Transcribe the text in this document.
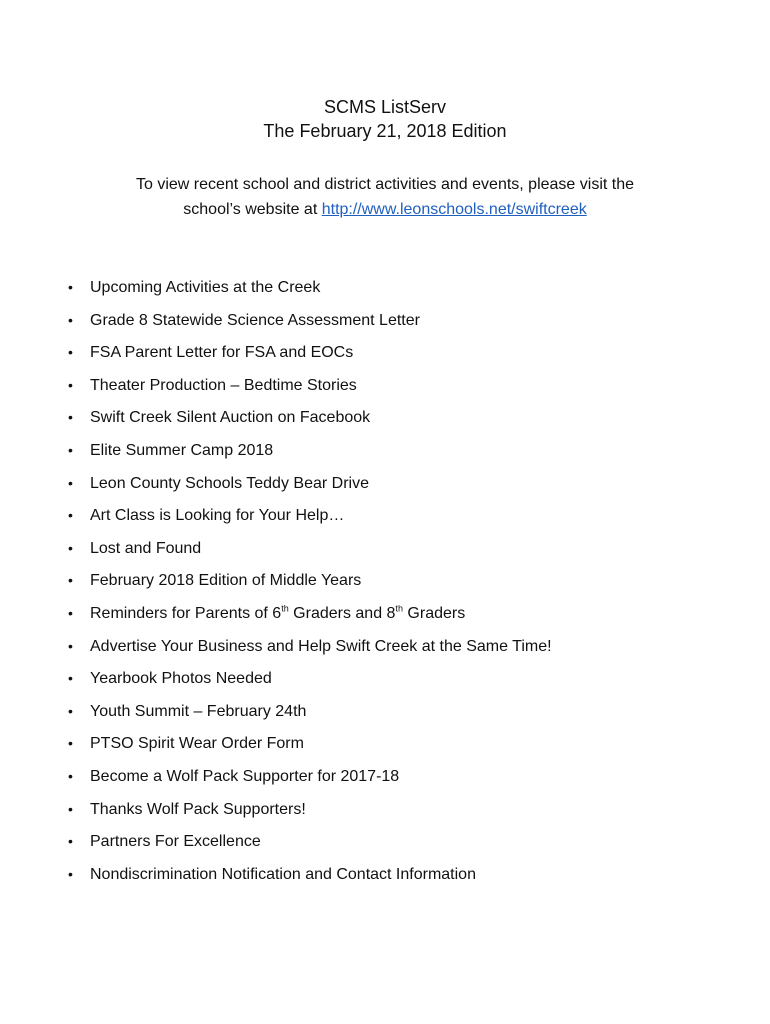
SCMS ListServ
The February 21, 2018 Edition
To view recent school and district activities and events, please visit the
school’s website at http://www.leonschools.net/swiftcreek
• Upcoming Activities at the Creek
• Grade 8 Statewide Science Assessment Letter
• FSA Parent Letter for FSA and EOCs
• Theater Production – Bedtime Stories
• Swift Creek Silent Auction on Facebook
• Elite Summer Camp 2018
• Leon County Schools Teddy Bear Drive
• Art Class is Looking for Your Help…
• Lost and Found
• February 2018 Edition of Middle Years
• Reminders for Parents of 6th Graders and 8th Graders
• Advertise Your Business and Help Swift Creek at the Same Time!
• Yearbook Photos Needed
• Youth Summit – February 24th
• PTSO Spirit Wear Order Form
• Become a Wolf Pack Supporter for 2017-18
• Thanks Wolf Pack Supporters!
• Partners For Excellence
• Nondiscrimination Notification and Contact Information
